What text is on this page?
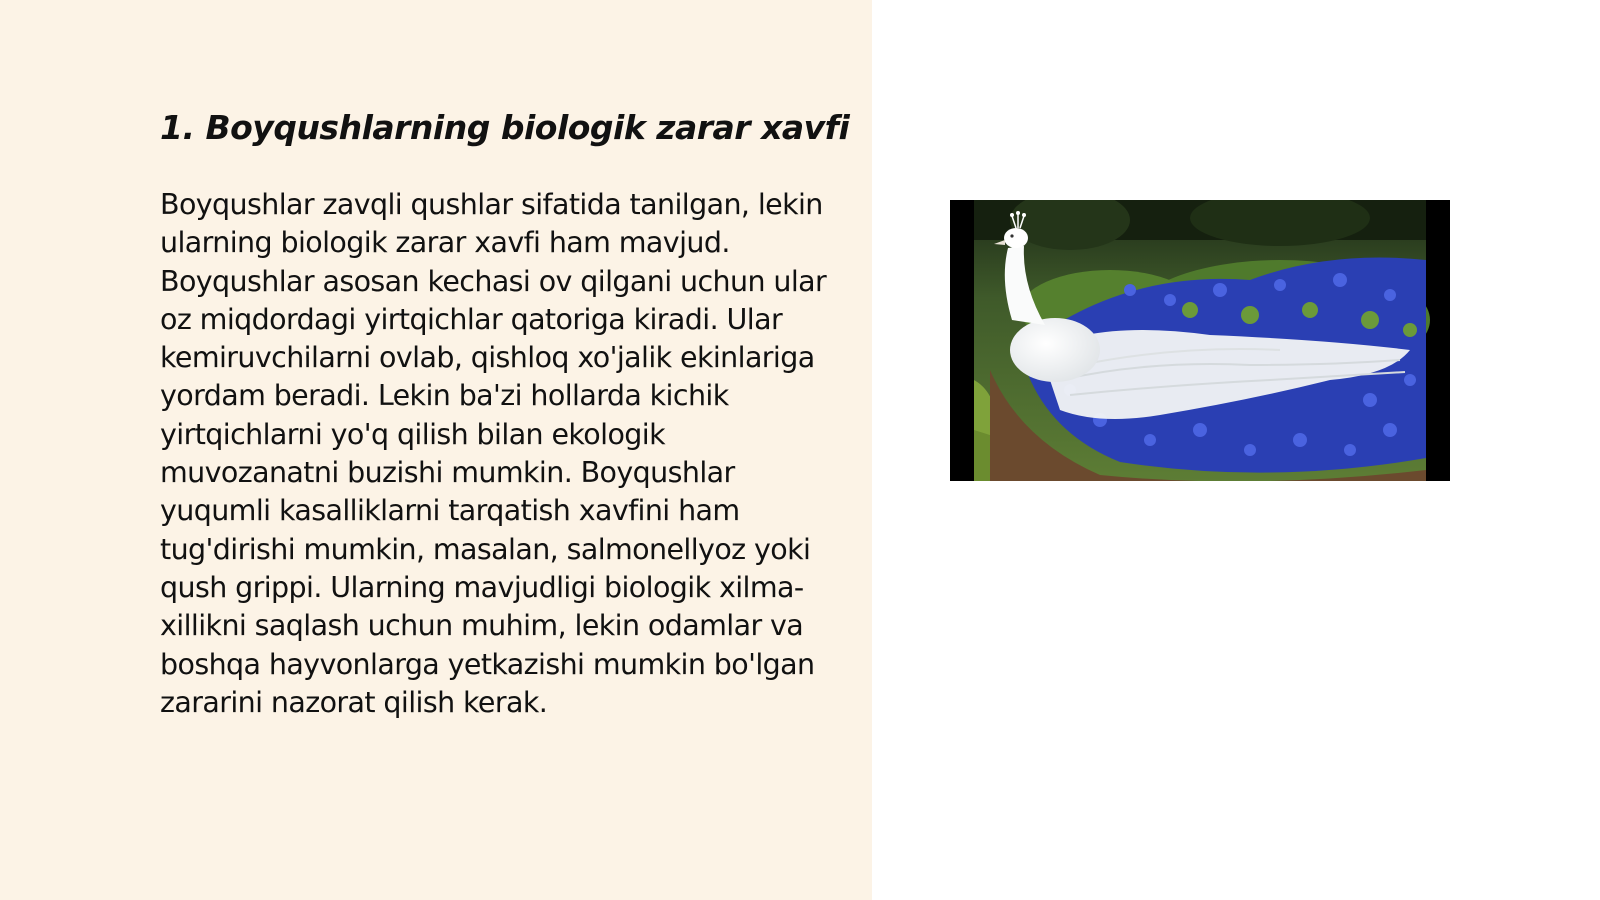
1. Boyqushlarning biologik zarar xavfi

Boyqushlar zavqli qushlar sifatida tanilgan, lekin ularning biologik zarar xavfi ham mavjud. Boyqushlar asosan kechasi ov qilgani uchun ular oz miqdordagi yirtqichlar qatoriga kiradi. Ular kemiruvchilarni ovlab, qishloq xo'jalik ekinlariga yordam beradi. Lekin ba'zi hollarda kichik yirtqichlarni yo'q qilish bilan ekologik muvozanatni buzishi mumkin. Boyqushlar yuqumli kasalliklarni tarqatish xavfini ham tug'dirishi mumkin, masalan, salmonellyoz yoki qush grippi. Ularning mavjudligi biologik xilma-xillikni saqlash uchun muhim, lekin odamlar va boshqa hayvonlarga yetkazishi mumkin bo'lgan zararini nazorat qilish kerak.
